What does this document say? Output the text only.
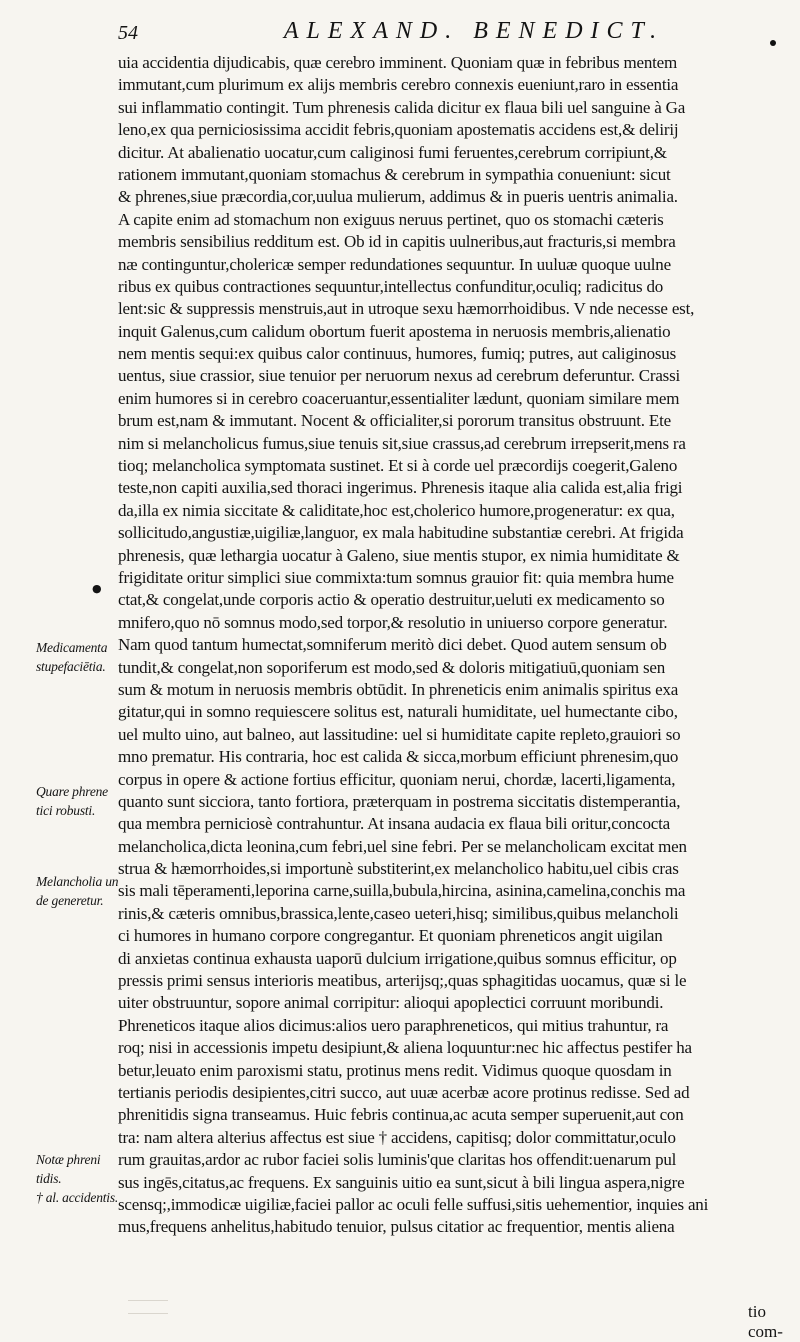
54	ALEXAND. BENEDICT.
uia accidentia dijudicabis, quæ cerebro imminent. Quoniam quæ in febribus mentem
immutant,cum plurimum ex alijs membris cerebro connexis eueniunt,raro in essentia
sui inflammatio contingit. Tum phrenesis calida dicitur ex flaua bili uel sanguine à Ga
leno,ex qua perniciosissima accidit febris,quoniam apostematis accidens est,& delirij
dicitur. At abalienatio uocatur,cum caliginosi fumi feruentes,cerebrum corripiunt,&
rationem immutant,quoniam stomachus & cerebrum in sympathia conueniunt: sicut
& phrenes,siue præcordia,cor,uulua mulierum, addimus & in pueris uentris animalia.
A capite enim ad stomachum non exiguus neruus pertinet, quo os stomachi cæteris
membris sensibilius redditum est. Ob id in capitis uulneribus,aut fracturis,si membra
næ continguntur,cholericæ semper redundationes sequuntur. In uuluæ quoque uulne
ribus ex quibus contractiones sequuntur,intellectus confunditur,oculiq; radicitus do
lent:sic & suppressis menstruis,aut in utroque sexu hæmorrhoidibus. V nde necesse est,
inquit Galenus,cum calidum obortum fuerit apostema in neruosis membris,alienatio
nem mentis sequi:ex quibus calor continuus, humores, fumiq; putres, aut caliginosus
uentus, siue crassior, siue tenuior per neruorum nexus ad cerebrum deferuntur. Crassi
enim humores si in cerebro coaceruantur,essentialiter lædunt, quoniam similare mem
brum est,nam & immutant. Nocent & officialiter,si pororum transitus obstruunt. Ete
nim si melancholicus fumus,siue tenuis sit,siue crassus,ad cerebrum irrepserit,mens ra
tioq; melancholica symptomata sustinet. Et si à corde uel præcordijs coegerit,Galeno
teste,non capiti auxilia,sed thoraci ingerimus. Phrenesis itaque alia calida est,alia frigi
da,illa ex nimia siccitate & caliditate,hoc est,cholerico humore,progeneratur: ex qua,
sollicitudo,angustiæ,uigiliæ,languor, ex mala habitudine substantiæ cerebri. At frigida
phrenesis, quæ lethargia uocatur à Galeno, siue mentis stupor, ex nimia humiditate &
frigiditate oritur simplici siue commixta:tum somnus grauior fit: quia membra hume
ctat,& congelat,unde corporis actio & operatio destruitur,ueluti ex medicamento so
mnifero,quo nō somnus modo,sed torpor,& resolutio in uniuerso corpore generatur.
Nam quod tantum humectat,somniferum meritò dici debet. Quod autem sensum ob
tundit,& congelat,non soporiferum est modo,sed & doloris mitigatiuū,quoniam sen
sum & motum in neruosis membris obtūdit. In phreneticis enim animalis spiritus exa
gitatur,qui in somno requiescere solitus est, naturali humiditate, uel humectante cibo,
uel multo uino, aut balneo, aut lassitudine: uel si humiditate capite repleto,grauiori so
mno prematur. His contraria, hoc est calida & sicca,morbum efficiunt phrenesim,quo
corpus in opere & actione fortius efficitur, quoniam nerui, chordæ, lacerti,ligamenta,
quanto sunt sicciora, tanto fortiora, præterquam in postrema siccitatis distemperantia,
qua membra perniciosè contrahuntur. At insana audacia ex flaua bili oritur,concocta
melancholica,dicta leonina,cum febri,uel sine febri. Per se melancholicam excitat men
strua & hæmorrhoides,si importunè substiterint,ex melancholico habitu,uel cibis cras
sis mali tēperamenti,leporina carne,suilla,bubula,hircina, asinina,camelina,conchis ma
rinis,& cæteris omnibus,brassica,lente,caseo ueteri,hisq; similibus,quibus melancholi
ci humores in humano corpore congregantur. Et quoniam phreneticos angit uigilan
di anxietas continua exhausta uaporū dulcium irrigatione,quibus somnus efficitur, op
pressis primi sensus interioris meatibus, arterijsq;,quas sphagitidas uocamus, quæ si le
uiter obstruuntur, sopore animal corripitur: alioqui apoplectici corruunt moribundi.
Phreneticos itaque alios dicimus:alios uero paraphreneticos, qui mitius trahuntur, ra
roq; nisi in accessionis impetu desipiunt,& aliena loquuntur:nec hic affectus pestifer ha
betur,leuato enim paroxismi statu, protinus mens redit. Vidimus quoque quosdam in
tertianis periodis desipientes,citri succo, aut uuæ acerbæ acore protinus redisse. Sed ad
phrenitidis signa transeamus. Huic febris continua,ac acuta semper superuenit,aut con
tra: nam altera alterius affectus est siue † accidens, capitisq; dolor committatur,oculo
rum grauitas,ardor ac rubor faciei solis luminis'que claritas hos offendit:uenarum pul
sus ingēs,citatus,ac frequens. Ex sanguinis uitio ea sunt,sicut à bili lingua aspera,nigre
scensq;,immodicæ uigiliæ,faciei pallor ac oculi felle suffusi,sitis uehementior, inquies ani
mus,frequens anhelitus,habitudo tenuior, pulsus citatior ac frequentior, mentis aliena
●
Medicamenta
stupefaciētia.
Quare phrene
tici robusti.
Melancholia un
de generetur.
Notæ phreni
tidis.
† al. accidentis.
tio com-
